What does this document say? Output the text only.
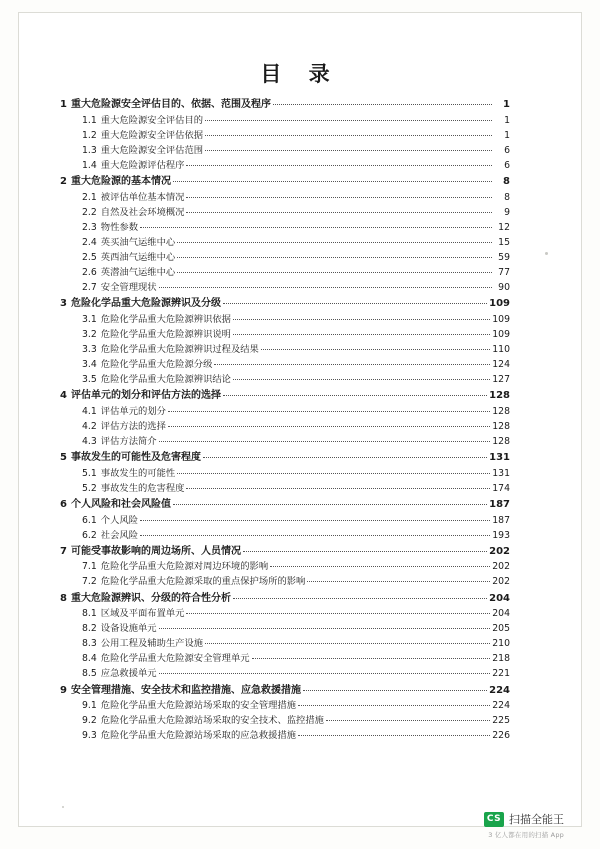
目 录
1 重大危险源安全评估目的、依据、范围及程序	1
1.1 重大危险源安全评估目的	1
1.2 重大危险源安全评估依据	1
1.3 重大危险源安全评估范围	6
1.4 重大危险源评估程序	6
2 重大危险源的基本情况	8
2.1 被评估单位基本情况	8
2.2 自然及社会环境概况	9
2.3 物性参数	12
2.4 英买油气运维中心	15
2.5 英西油气运维中心	59
2.6 英潜油气运维中心	77
2.7 安全管理现状	90
3 危险化学品重大危险源辨识及分级	109
3.1 危险化学品重大危险源辨识依据	109
3.2 危险化学品重大危险源辨识说明	109
3.3 危险化学品重大危险源辨识过程及结果	110
3.4 危险化学品重大危险源分级	124
3.5 危险化学品重大危险源辨识结论	127
4 评估单元的划分和评估方法的选择	128
4.1 评估单元的划分	128
4.2 评估方法的选择	128
4.3 评估方法简介	128
5 事故发生的可能性及危害程度	131
5.1 事故发生的可能性	131
5.2 事故发生的危害程度	174
6 个人风险和社会风险值	187
6.1 个人风险	187
6.2 社会风险	193
7 可能受事故影响的周边场所、人员情况	202
7.1 危险化学品重大危险源对周边环境的影响	202
7.2 危险化学品重大危险源采取的重点保护场所的影响	202
8 重大危险源辨识、分级的符合性分析	204
8.1 区域及平面布置单元	204
8.2 设备设施单元	205
8.3 公用工程及辅助生产设施	210
8.4 危险化学品重大危险源安全管理单元	218
8.5 应急救援单元	221
9 安全管理措施、安全技术和监控措施、应急救援措施	224
9.1 危险化学品重大危险源站场采取的安全管理措施	224
9.2 危险化学品重大危险源站场采取的安全技术、监控措施	225
9.3 危险化学品重大危险源站场采取的应急救援措施	226
CS 扫描全能王
3 亿人都在用的扫描 App
